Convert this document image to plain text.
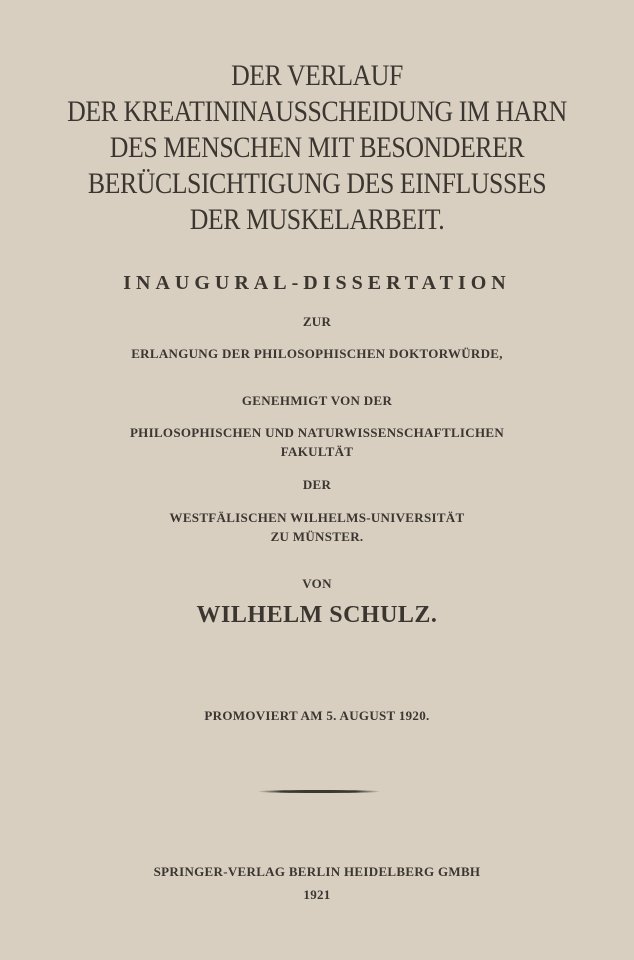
DER VERLAUF
DER KREATININAUSSCHEIDUNG IM HARN
DES MENSCHEN MIT BESONDERER
BERÜCLSICHTIGUNG DES EINFLUSSES
DER MUSKELARBEIT.
INAUGURAL-DISSERTATION
ZUR
ERLANGUNG DER PHILOSOPHISCHEN DOKTORWÜRDE,
GENEHMIGT VON DER
PHILOSOPHISCHEN UND NATURWISSENSCHAFTLICHEN
FAKULTÄT
DER
WESTFÄLISCHEN WILHELMS-UNIVERSITÄT
ZU MÜNSTER.
VON
WILHELM SCHULZ.
PROMOVIERT AM 5. AUGUST 1920.
SPRINGER-VERLAG BERLIN HEIDELBERG GMBH
1921
